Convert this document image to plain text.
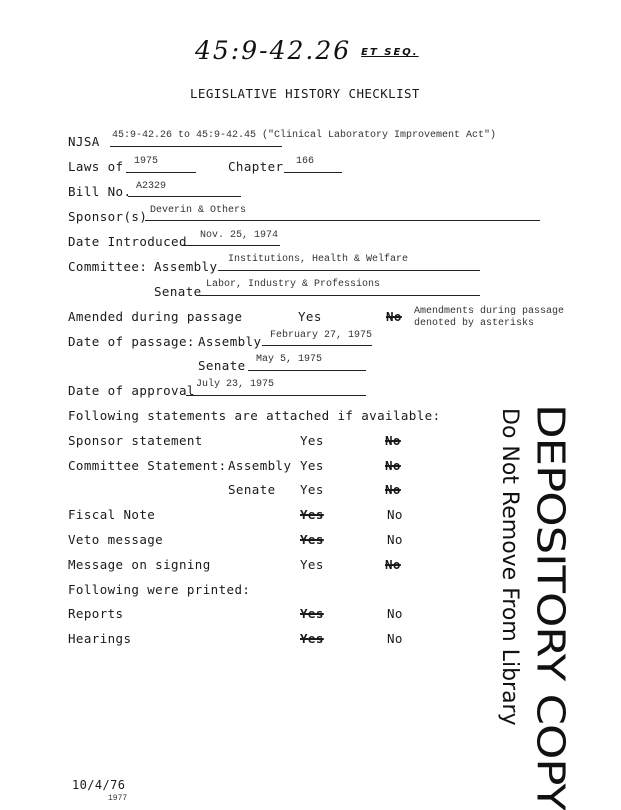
45:9-42.26 ET SEQ.
LEGISLATIVE HISTORY CHECKLIST
NJSA 45:9-42.26 to 45:9-42.45 ("Clinical Laboratory Improvement Act")
Laws of 1975	Chapter 166
Bill No. A2329
Sponsor(s) Deverin & Others
Date Introduced Nov. 25, 1974
Committee: Assembly Institutions, Health & Welfare
Senate Labor, Industry & Professions
Amended during passage	Yes	No Amendments during passage
denoted by asterisks
Date of passage: Assembly February 27, 1975
Senate May 5, 1975
Date of approval July 23, 1975
Following statements are attached if available:
Sponsor statement	Yes	No
Committee Statement: Assembly Yes	No
Senate Yes	No
Fiscal Note	Yes	No
Veto message	Yes	No
Message on signing	Yes	No
Following were printed:
Reports	Yes	No
Hearings	Yes	No	DEPOSITORY COPY
Do Not Remove From Library
10/4/76
1977
